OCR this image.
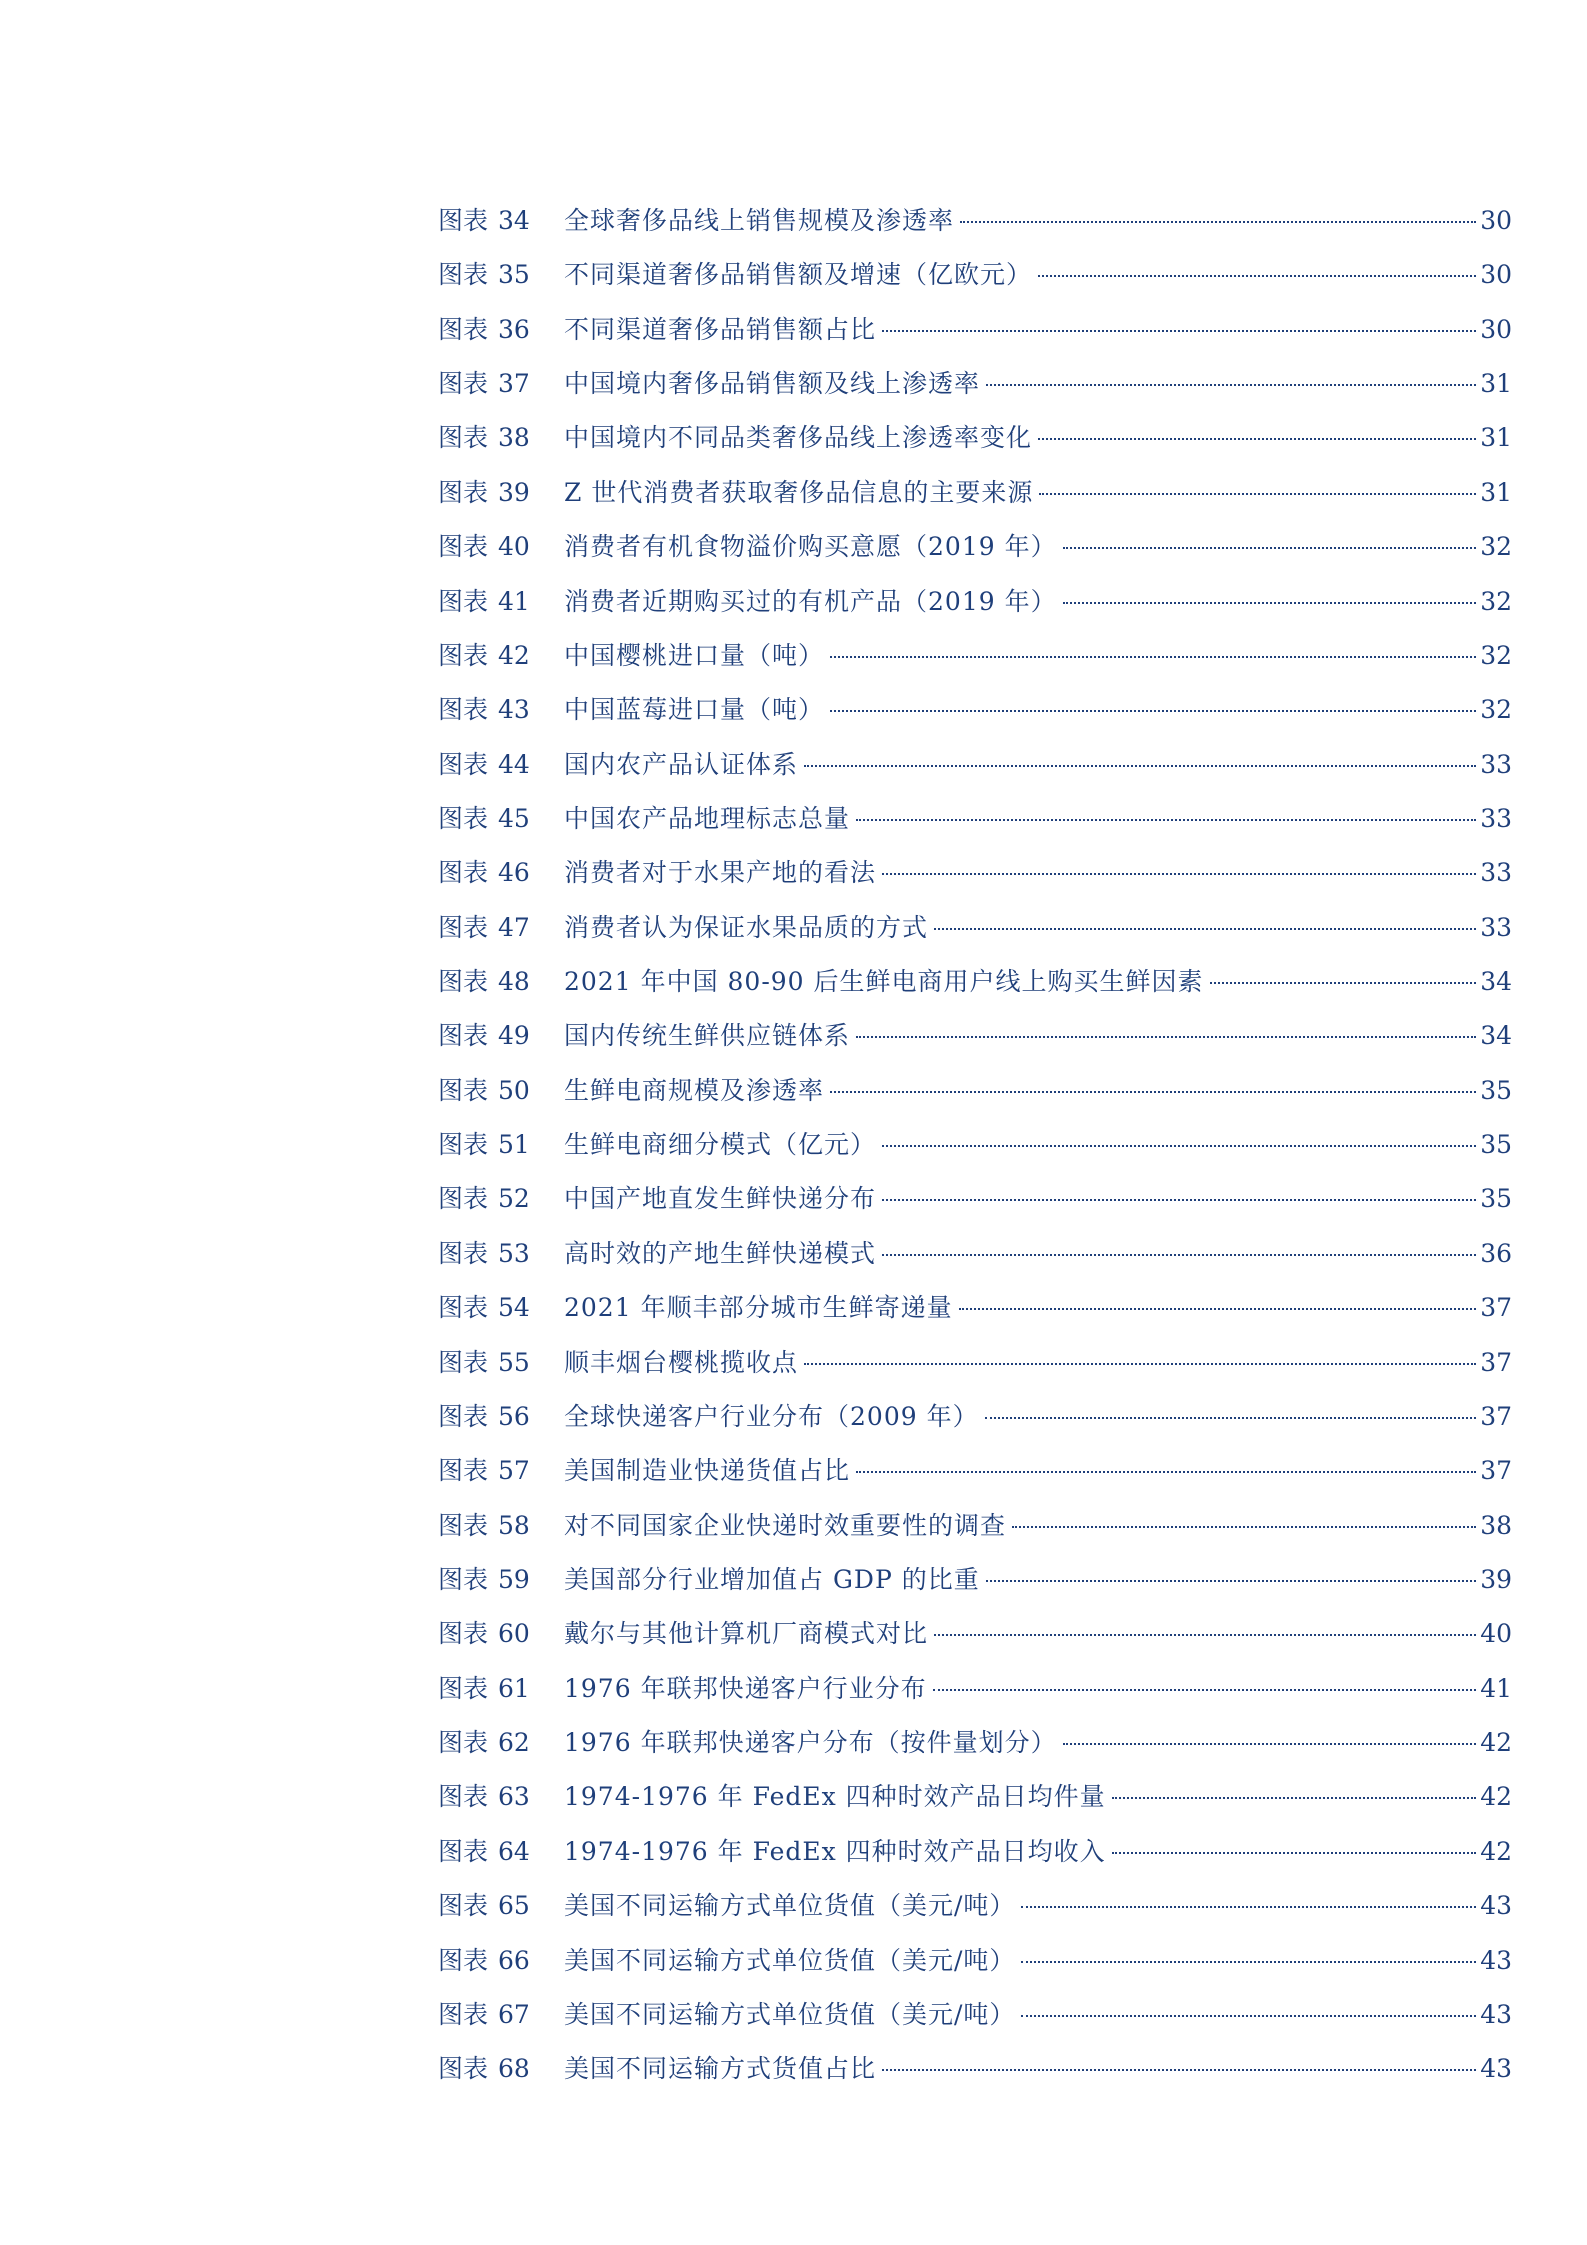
图表 34	全球奢侈品线上销售规模及渗透率	30
图表 35	不同渠道奢侈品销售额及增速（亿欧元）	30
图表 36	不同渠道奢侈品销售额占比	30
图表 37	中国境内奢侈品销售额及线上渗透率	31
图表 38	中国境内不同品类奢侈品线上渗透率变化	31
图表 39	Z 世代消费者获取奢侈品信息的主要来源	31
图表 40	消费者有机食物溢价购买意愿（2019 年）	32
图表 41	消费者近期购买过的有机产品（2019 年）	32
图表 42	中国樱桃进口量（吨）	32
图表 43	中国蓝莓进口量（吨）	32
图表 44	国内农产品认证体系	33
图表 45	中国农产品地理标志总量	33
图表 46	消费者对于水果产地的看法	33
图表 47	消费者认为保证水果品质的方式	33
图表 48	2021 年中国 80-90 后生鲜电商用户线上购买生鲜因素	34
图表 49	国内传统生鲜供应链体系	34
图表 50	生鲜电商规模及渗透率	35
图表 51	生鲜电商细分模式（亿元）	35
图表 52	中国产地直发生鲜快递分布	35
图表 53	高时效的产地生鲜快递模式	36
图表 54	2021 年顺丰部分城市生鲜寄递量	37
图表 55	顺丰烟台樱桃揽收点	37
图表 56	全球快递客户行业分布（2009 年）	37
图表 57	美国制造业快递货值占比	37
图表 58	对不同国家企业快递时效重要性的调查	38
图表 59	美国部分行业增加值占 GDP 的比重	39
图表 60	戴尔与其他计算机厂商模式对比	40
图表 61	1976 年联邦快递客户行业分布	41
图表 62	1976 年联邦快递客户分布（按件量划分）	42
图表 63	1974-1976 年 FedEx 四种时效产品日均件量	42
图表 64	1974-1976 年 FedEx 四种时效产品日均收入	42
图表 65	美国不同运输方式单位货值（美元/吨）	43
图表 66	美国不同运输方式单位货值（美元/吨）	43
图表 67	美国不同运输方式单位货值（美元/吨）	43
图表 68	美国不同运输方式货值占比	43
